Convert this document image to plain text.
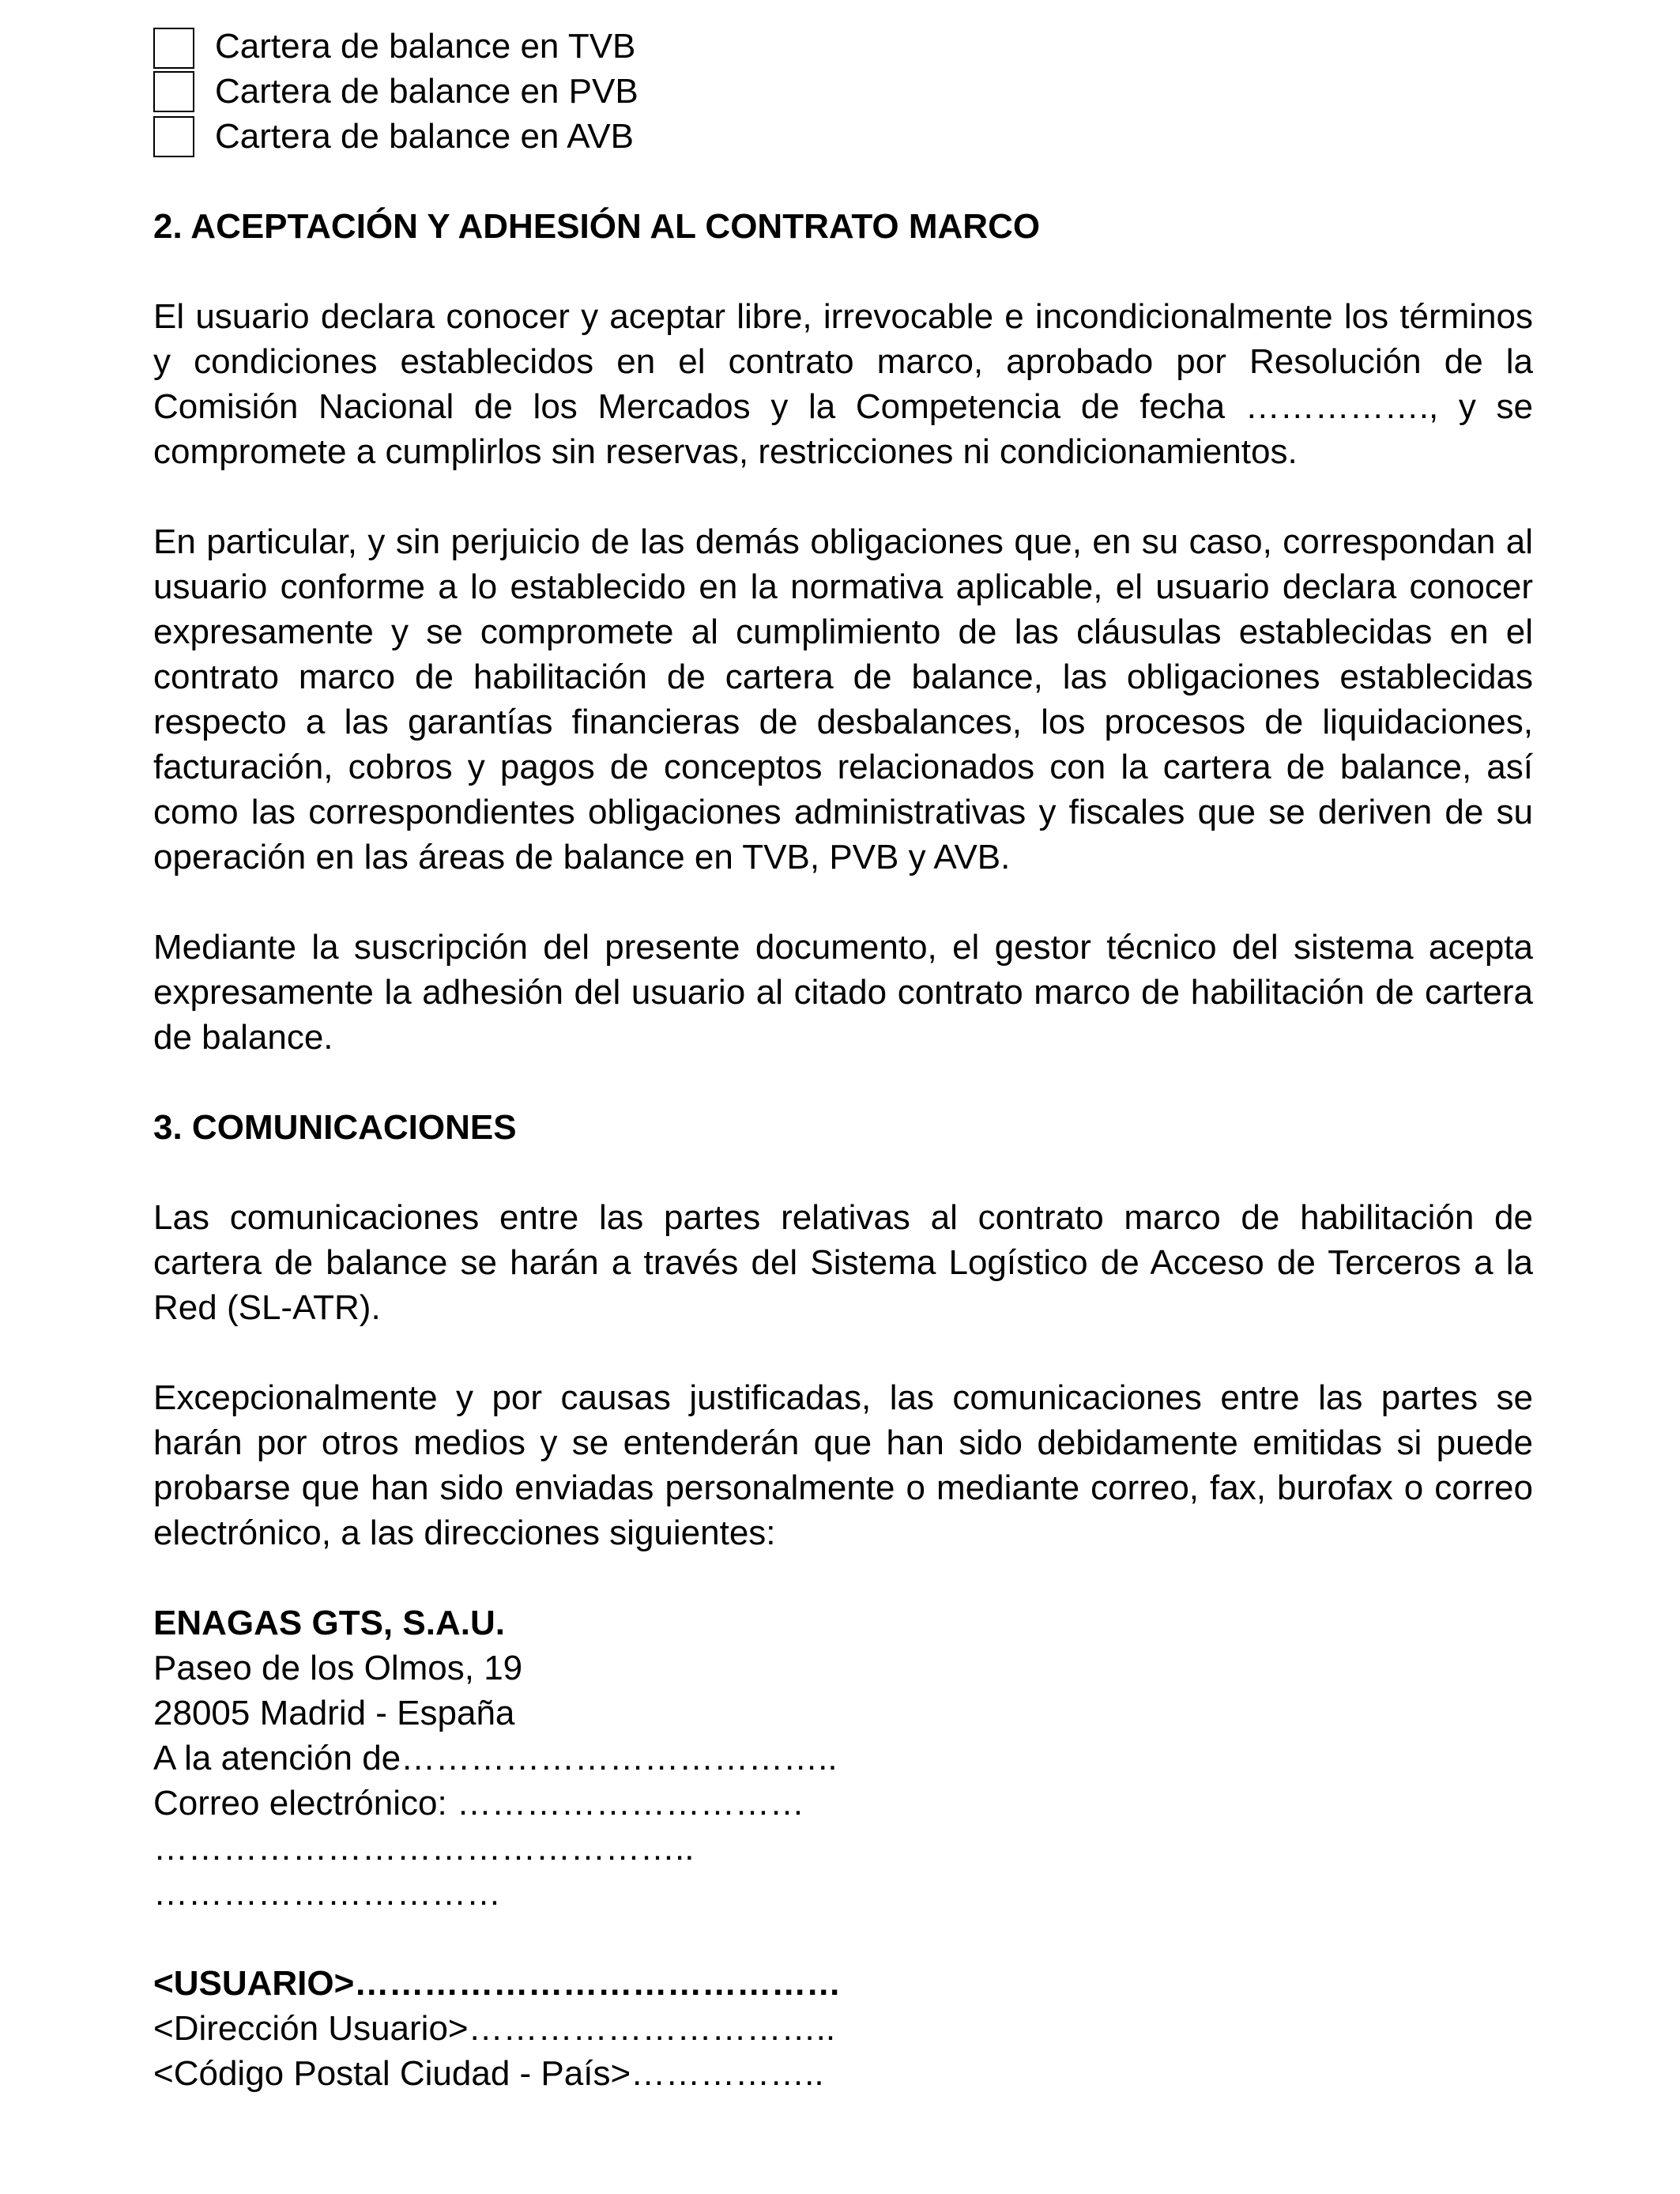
Cartera de balance en TVB
Cartera de balance en PVB
Cartera de balance en AVB
2. ACEPTACIÓN Y ADHESIÓN AL CONTRATO MARCO

El usuario declara conocer y aceptar libre, irrevocable e incondicionalmente los términos y condiciones establecidos en el contrato marco, aprobado por Resolución de la Comisión Nacional de los Mercados y la Competencia de fecha ……………., y se compromete a cumplirlos sin reservas, restricciones ni condicionamientos.

En particular, y sin perjuicio de las demás obligaciones que, en su caso, correspondan al usuario conforme a lo establecido en la normativa aplicable, el usuario declara conocer expresamente y se compromete al cumplimiento de las cláusulas establecidas en el contrato marco de habilitación de cartera de balance, las obligaciones establecidas respecto a las garantías financieras de desbalances, los procesos de liquidaciones, facturación, cobros y pagos de conceptos relacionados con la cartera de balance, así como las correspondientes obligaciones administrativas y fiscales que se deriven de su operación en las áreas de balance en TVB, PVB y AVB.

Mediante la suscripción del presente documento, el gestor técnico del sistema acepta expresamente la adhesión del usuario al citado contrato marco de habilitación de cartera de balance.

3. COMUNICACIONES

Las comunicaciones entre las partes relativas al contrato marco de habilitación de cartera de balance se harán a través del Sistema Logístico de Acceso de Terceros a la Red (SL-ATR).

Excepcionalmente y por causas justificadas, las comunicaciones entre las partes se harán por otros medios y se entenderán que han sido debidamente emitidas si puede probarse que han sido enviadas personalmente o mediante correo, fax, burofax o correo electrónico, a las direcciones siguientes:

ENAGAS GTS, S.A.U.
Paseo de los Olmos, 19
28005 Madrid - España
A la atención de………………………………..
Correo electrónico: …………………………
………………………………………..
…………………………
<USUARIO>……………………………………
<Dirección Usuario>…………………………..
<Código Postal Ciudad - País>……………..
